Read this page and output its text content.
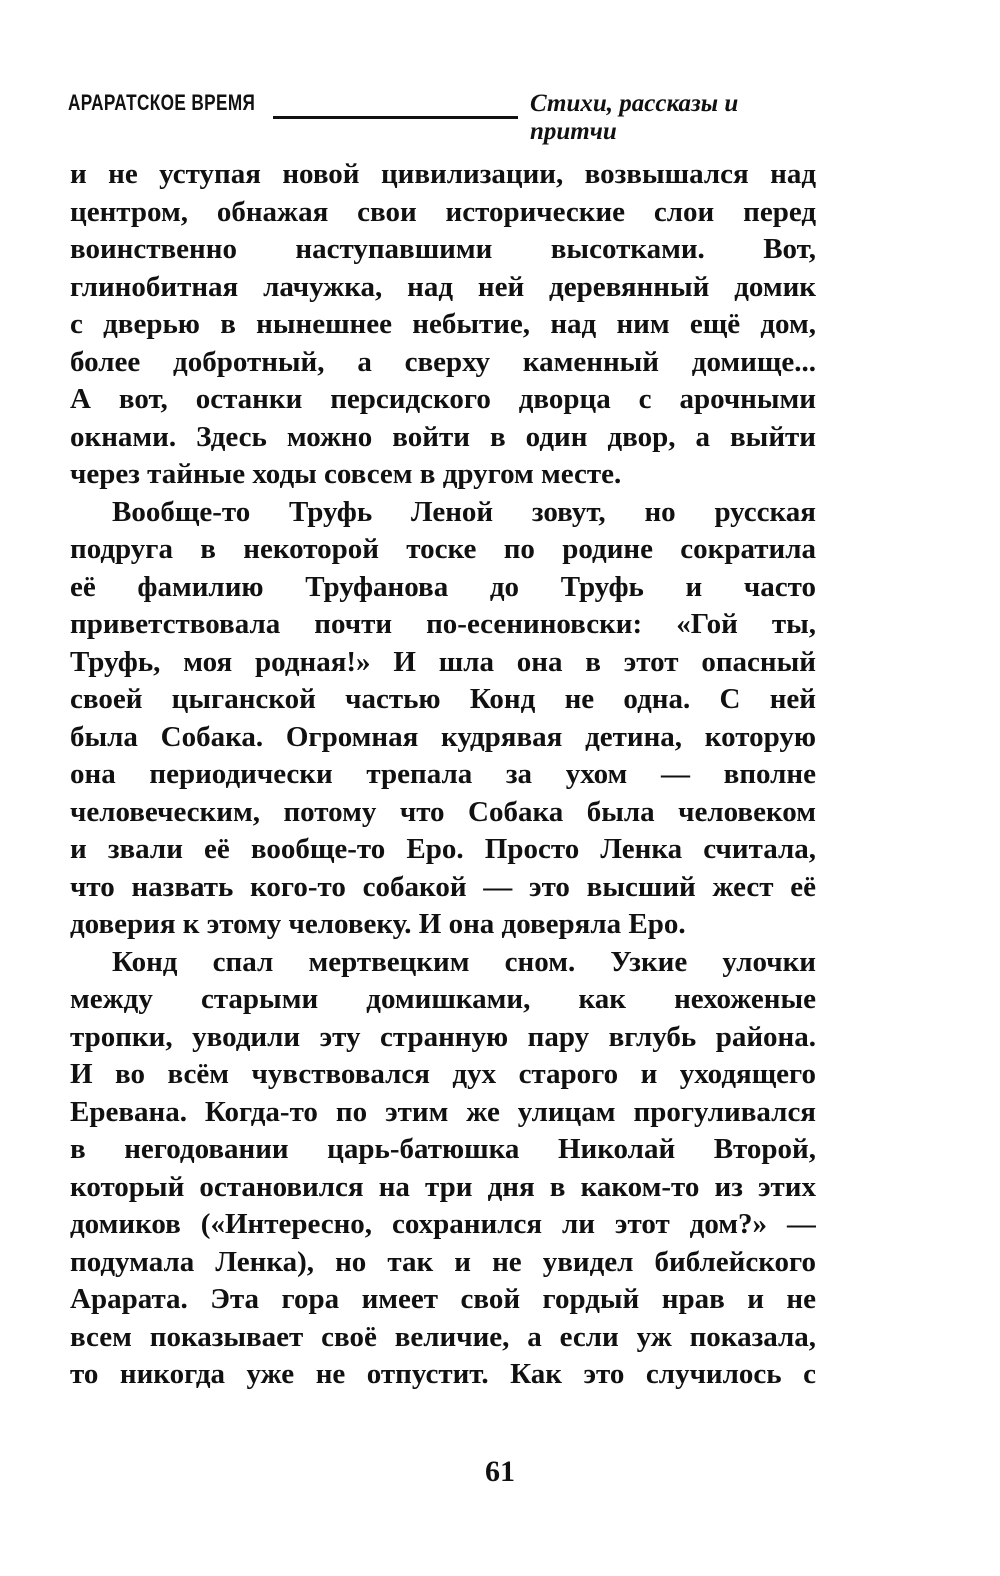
АРАРАТСКОЕ ВРЕМЯ	Стихи, рассказы и притчи
и не уступая новой цивилизации, возвышался над
центром, обнажая свои исторические слои перед
воинственно наступавшими высотками. Вот,
глинобитная лачужка, над ней деревянный домик
с дверью в нынешнее небытие, над ним ещё дом,
более добротный, а сверху каменный домище...
А вот, останки персидского дворца с арочными
окнами. Здесь можно войти в один двор, а выйти
через тайные ходы совсем в другом месте.
Вообще-то Труфь Леной зовут, но русская
подруга в некоторой тоске по родине сократила
её фамилию Труфанова до Труфь и часто
приветствовала почти по-есениновски: «Гой ты,
Труфь, моя родная!» И шла она в этот опасный
своей цыганской частью Конд не одна. С ней
была Собака. Огромная кудрявая детина, которую
она периодически трепала за ухом — вполне
человеческим, потому что Собака была человеком
и звали её вообще-то Еро. Просто Ленка считала,
что назвать кого-то собакой — это высший жест её
доверия к этому человеку. И она доверяла Еро.
Конд спал мертвецким сном. Узкие улочки
между старыми домишками, как нехоженые
тропки, уводили эту странную пару вглубь района.
И во всём чувствовался дух старого и уходящего
Еревана. Когда-то по этим же улицам прогуливался
в негодовании царь-батюшка Николай Второй,
который остановился на три дня в каком-то из этих
домиков («Интересно, сохранился ли этот дом?» —
подумала Ленка), но так и не увидел библейского
Арарата. Эта гора имеет свой гордый нрав и не
всем показывает своё величие, а если уж показала,
то никогда уже не отпустит. Как это случилось с
61
